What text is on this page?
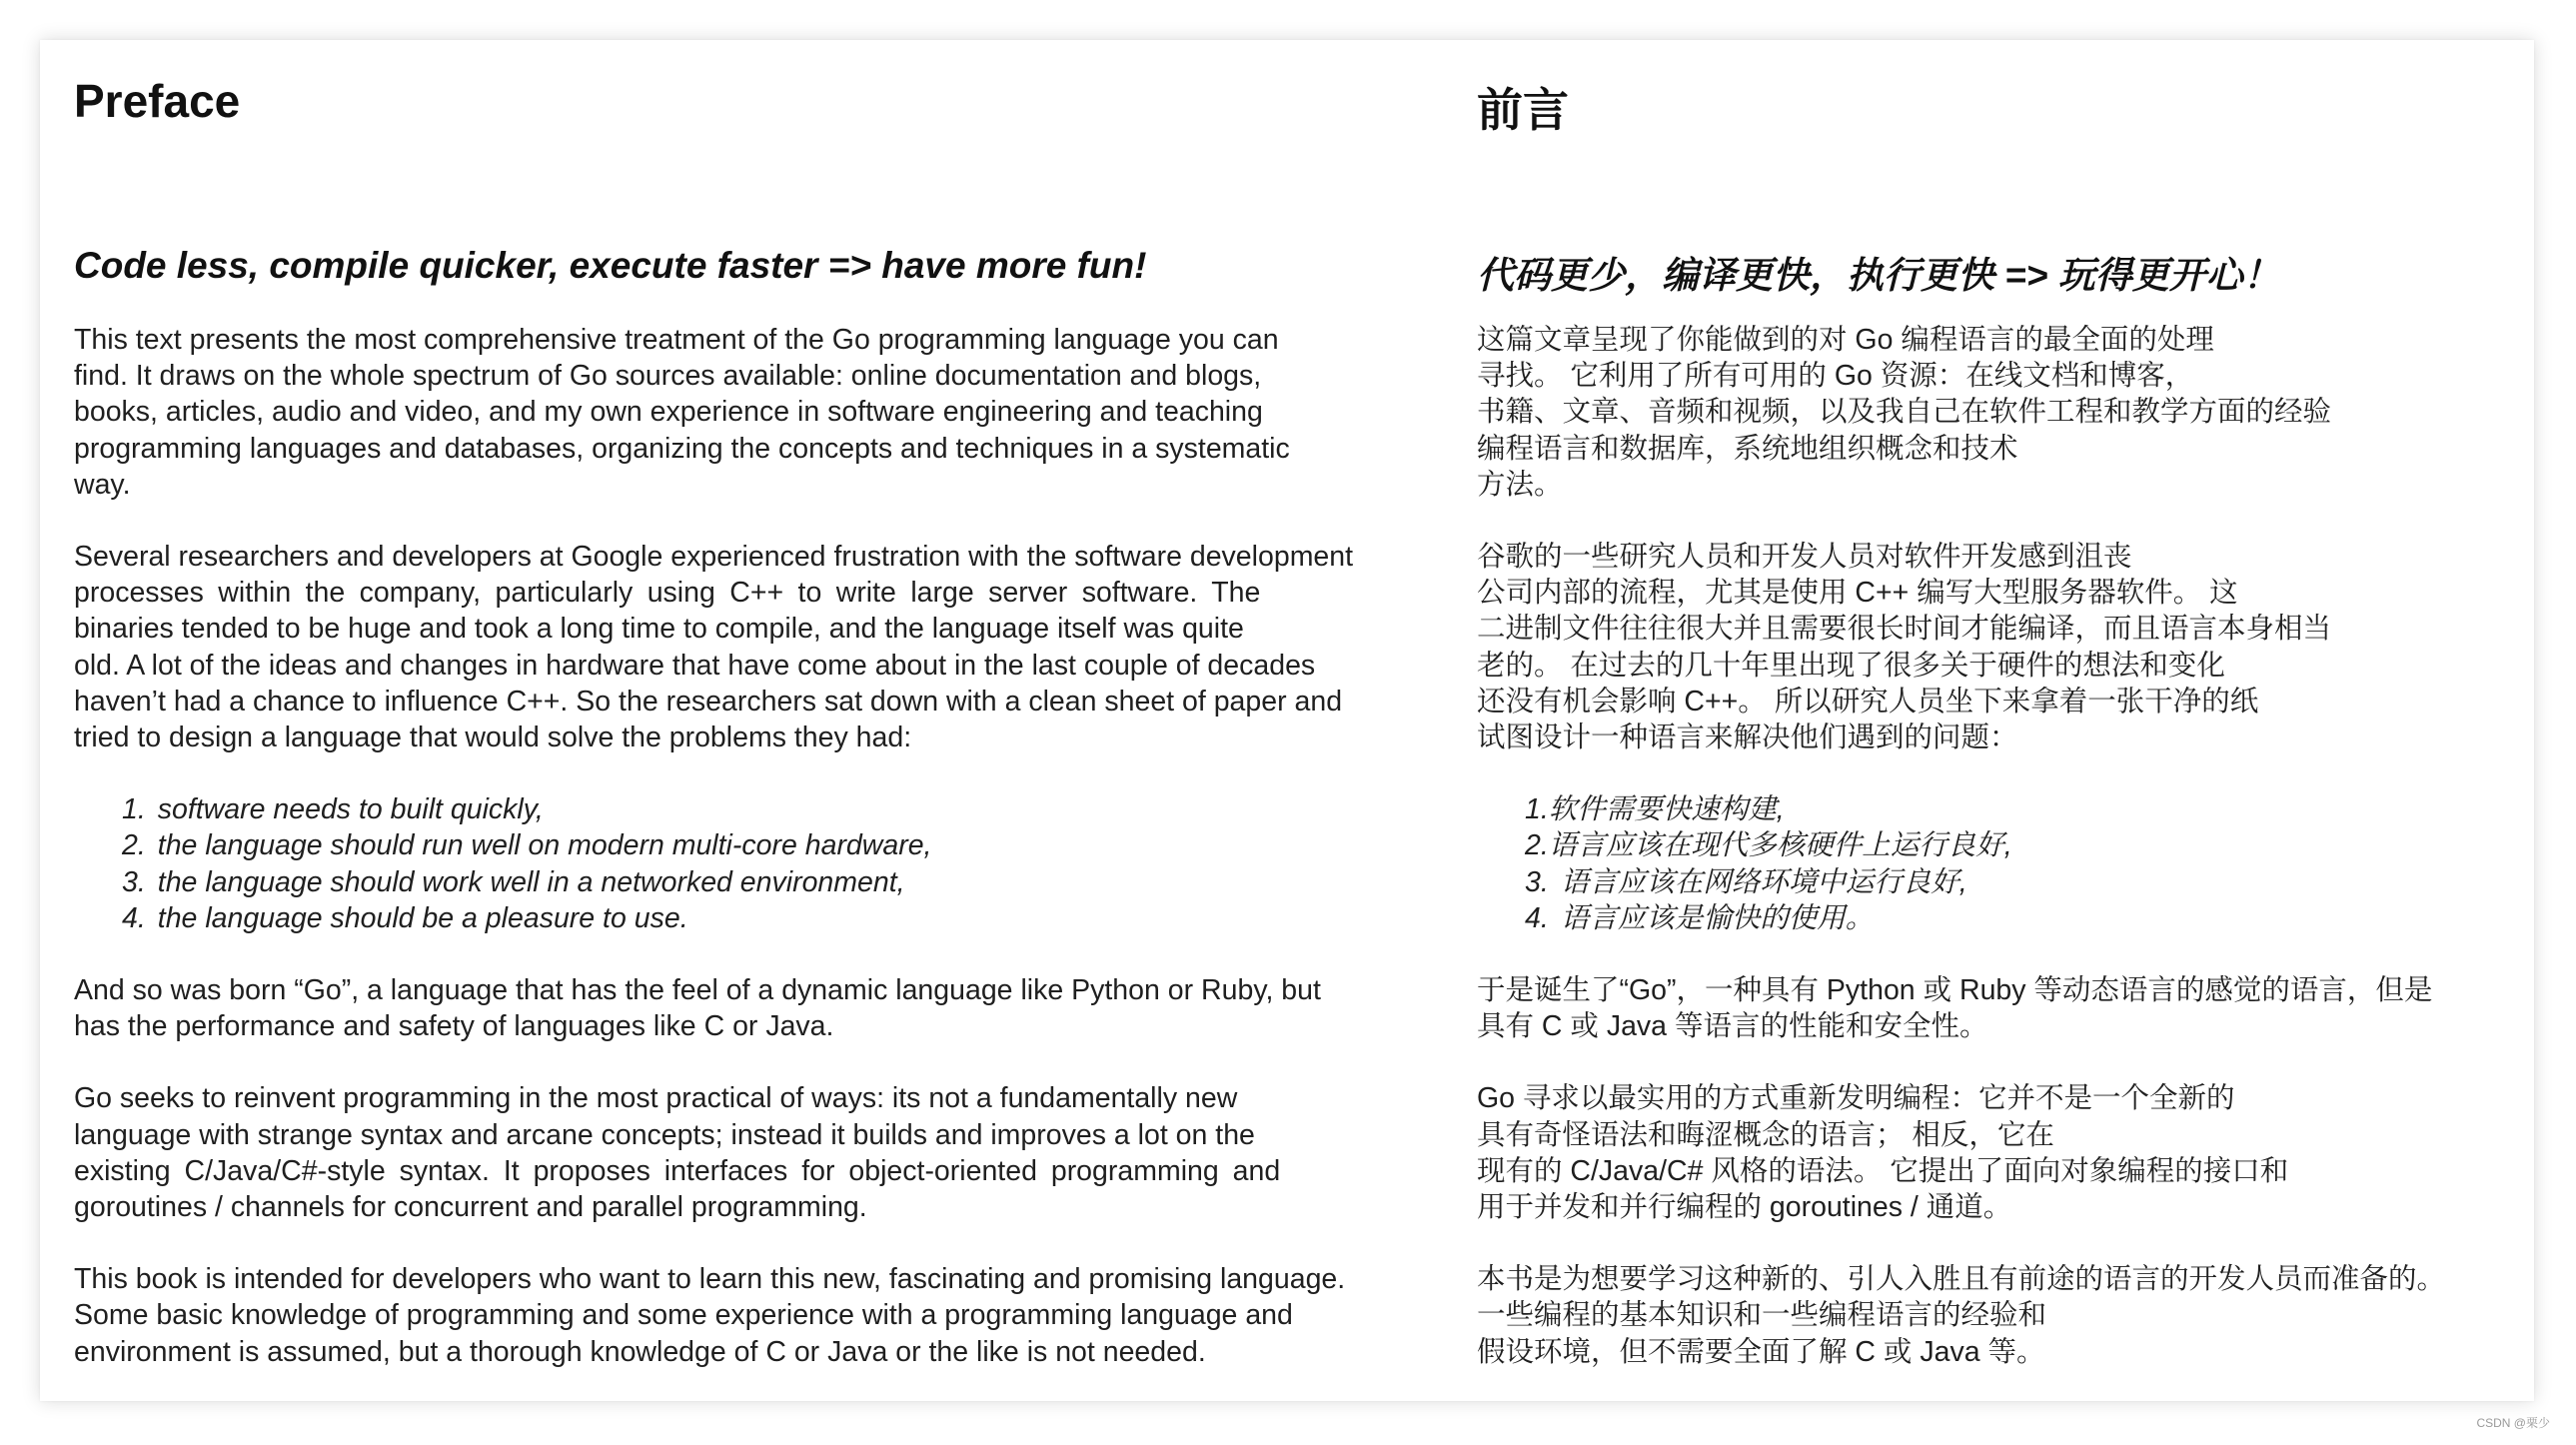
Preface
Code less, compile quicker, execute faster => have more fun!

This text presents the most comprehensive treatment of the Go programming language you can
find. It draws on the whole spectrum of Go sources available: online documentation and blogs,
books, articles, audio and video, and my own experience in software engineering and teaching
programming languages and databases, organizing the concepts and techniques in a systematic
way.

Several researchers and developers at Google experienced frustration with the software development
processes within the company, particularly using C++ to write large server software. The
binaries tended to be huge and took a long time to compile, and the language itself was quite
old. A lot of the ideas and changes in hardware that have come about in the last couple of decades
haven’t had a chance to influence C++. So the researchers sat down with a clean sheet of paper and
tried to design a language that would solve the problems they had:

1. software needs to built quickly,
2. the language should run well on modern multi-core hardware,
3. the language should work well in a networked environment,
4. the language should be a pleasure to use.

And so was born “Go”, a language that has the feel of a dynamic language like Python or Ruby, but
has the performance and safety of languages like C or Java.

Go seeks to reinvent programming in the most practical of ways: its not a fundamentally new
language with strange syntax and arcane concepts; instead it builds and improves a lot on the
existing C/Java/C#-style syntax. It proposes interfaces for object-oriented programming and
goroutines / channels for concurrent and parallel programming.

This book is intended for developers who want to learn this new, fascinating and promising language.
Some basic knowledge of programming and some experience with a programming language and
environment is assumed, but a thorough knowledge of C or Java or the like is not needed.

前言
代码更少，编译更快，执行更快 => 玩得更开心！

这篇文章呈现了你能做到的对 Go 编程语言的最全面的处理
寻找。 它利用了所有可用的 Go 资源：在线文档和博客，
书籍、文章、音频和视频，以及我自己在软件工程和教学方面的经验
编程语言和数据库，系统地组织概念和技术
方法。

谷歌的一些研究人员和开发人员对软件开发感到沮丧
公司内部的流程，尤其是使用 C++ 编写大型服务器软件。 这
二进制文件往往很大并且需要很长时间才能编译，而且语言本身相当
老的。 在过去的几十年里出现了很多关于硬件的想法和变化
还没有机会影响 C++。 所以研究人员坐下来拿着一张干净的纸
试图设计一种语言来解决他们遇到的问题：

1.软件需要快速构建,
2.语言应该在现代多核硬件上运行良好,
3. 语言应该在网络环境中运行良好,
4. 语言应该是愉快的使用。

于是诞生了“Go”，一种具有 Python 或 Ruby 等动态语言的感觉的语言，但是
具有 C 或 Java 等语言的性能和安全性。

Go 寻求以最实用的方式重新发明编程：它并不是一个全新的
具有奇怪语法和晦涩概念的语言； 相反，它在
现有的 C/Java/C# 风格的语法。 它提出了面向对象编程的接口和
用于并发和并行编程的 goroutines / 通道。

本书是为想要学习这种新的、引人入胜且有前途的语言的开发人员而准备的。
一些编程的基本知识和一些编程语言的经验和
假设环境，但不需要全面了解 C 或 Java 等。

CSDN @栗少
